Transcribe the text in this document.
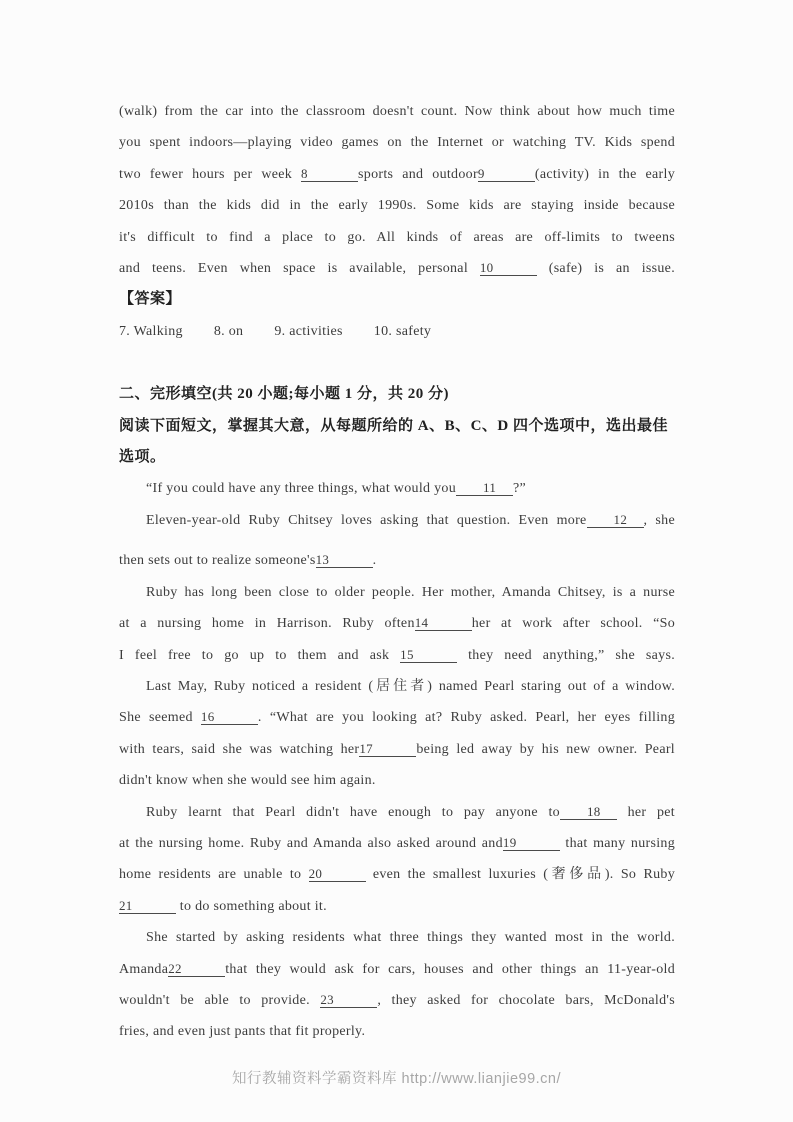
(walk) from the car into the classroom doesn't count. Now think about how much time
you spent indoors—playing video games on the Internet or watching TV. Kids spend
two fewer hours per week 8	sports and outdoor9	(activity) in the early
2010s than the kids did in the early 1990s. Some kids are staying inside because
it's difficult to find a place to go. All kinds of areas are off-limits to tweens
and teens. Even when space is available, personal 10	(safe) is an issue.
【答案】
7. Walking 8. on 9. activities 10. safety
二、完形填空(共 20 小题;每小题 1 分，共 20 分)
阅读下面短文，掌握其大意，从每题所给的 A、B、C、D 四个选项中，选出最佳选项。
“If you could have any three things, what would you 11 ?”
Eleven-year-old Ruby Chitsey loves asking that question. Even more 12 , she
then sets out to realize someone's13	.
Ruby has long been close to older people. Her mother, Amanda Chitsey, is a nurse
at a nursing home in Harrison. Ruby often14	her at work after school. “So
I feel free to go up to them and ask 15	they need anything,” she says.
Last May, Ruby noticed a resident (居住者) named Pearl staring out of a window.
She seemed 16	. “What are you looking at? Ruby asked. Pearl, her eyes filling
with tears, said she was watching her17	being led away by his new owner. Pearl
didn't know when she would see him again.
Ruby learnt that Pearl didn't have enough to pay anyone to 18 her pet
at the nursing home. Ruby and Amanda also asked around and19	that many nursing
home residents are unable to 20	even the smallest luxuries (奢侈品). So Ruby
21	to do something about it.
She started by asking residents what three things they wanted most in the world.
Amanda22	that they would ask for cars, houses and other things an 11-year-old
wouldn't be able to provide. 23	, they asked for chocolate bars, McDonald's
fries, and even just pants that fit properly.
知行教辅资料学霸资料库 http://www.lianjie99.cn/
